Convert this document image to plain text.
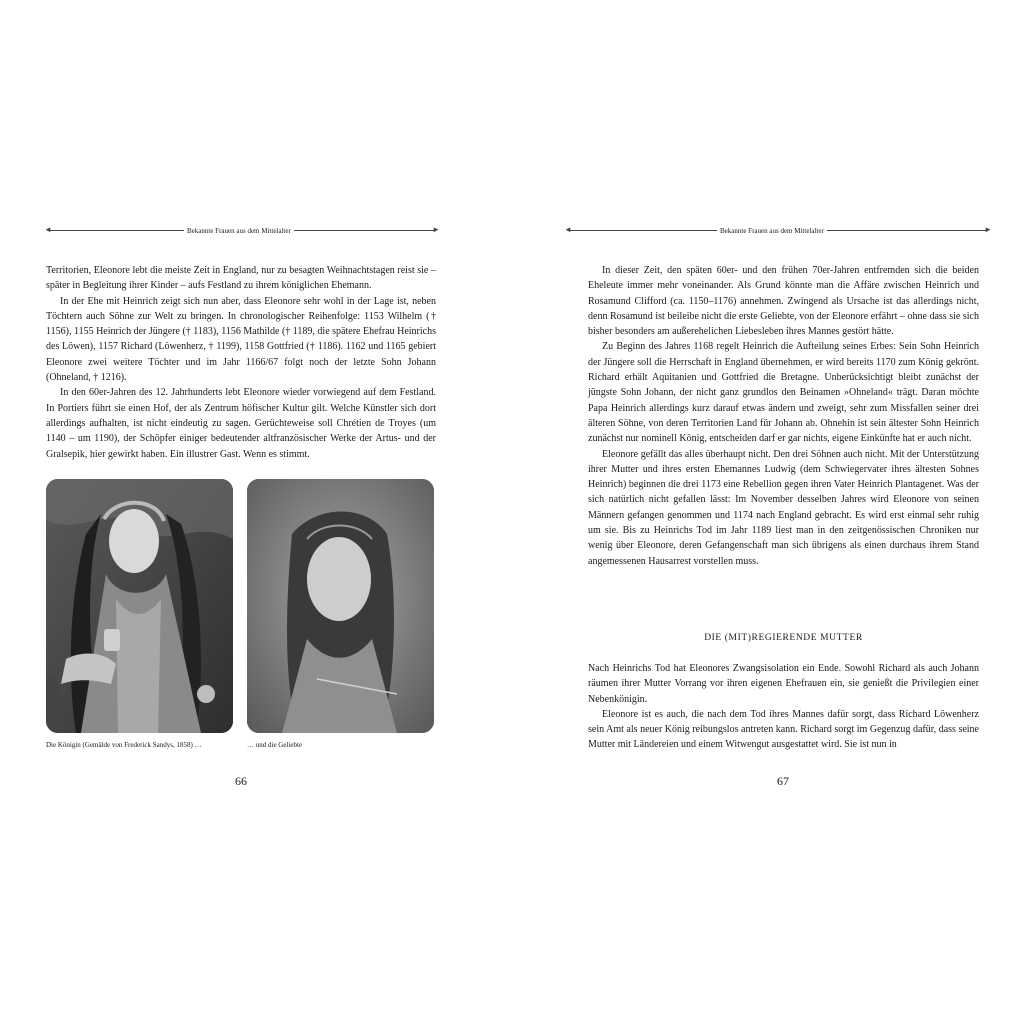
◄	►
Bekannte Frauen aus dem Mittelalter

Territorien, Eleonore lebt die meiste Zeit in England, nur zu besagten Weihnachtstagen reist sie – später in Begleitung ihrer Kinder – aufs Festland zu ihrem königlichen Ehemann.

In der Ehe mit Heinrich zeigt sich nun aber, dass Eleonore sehr wohl in der Lage ist, neben Töchtern auch Söhne zur Welt zu bringen. In chronologischer Reihenfolge: 1153 Wilhelm († 1156), 1155 Heinrich der Jüngere († 1183), 1156 Mathilde († 1189, die spätere Ehefrau Heinrichs des Löwen), 1157 Richard (Löwenherz, † 1199), 1158 Gottfried († 1186). 1162 und 1165 gebiert Eleonore zwei weitere Töchter und im Jahr 1166/67 folgt noch der letzte Sohn Johann (Ohneland, † 1216).

In den 60er-Jahren des 12. Jahrhunderts lebt Eleonore wieder vorwiegend auf dem Festland. In Portiers führt sie einen Hof, der als Zentrum höfischer Kultur gilt. Welche Künstler sich dort allerdings aufhalten, ist nicht eindeutig zu sagen. Gerüchteweise soll Chrétien de Troyes (um 1140 – um 1190), der Schöpfer einiger bedeutender altfranzösischer Werke der Artus- und der Gralsepik, hier gewirkt haben. Ein illustrer Gast. Wenn es stimmt.

Die Königin (Gemälde von Frederick Sandys, 1858) …	… und die Geliebte
66
◄	►
Bekannte Frauen aus dem Mittelalter

In dieser Zeit, den späten 60er- und den frühen 70er-Jahren entfremden sich die beiden Eheleute immer mehr voneinander. Als Grund könnte man die Affäre zwischen Heinrich und Rosamund Clifford (ca. 1150–1176) annehmen. Zwingend als Ursache ist das allerdings nicht, denn Rosamund ist beileibe nicht die erste Geliebte, von der Eleonore erfährt – ohne dass sie sich bisher besonders am außerehelichen Liebesleben ihres Mannes gestört hätte.

Zu Beginn des Jahres 1168 regelt Heinrich die Aufteilung seines Erbes: Sein Sohn Heinrich der Jüngere soll die Herrschaft in England übernehmen, er wird bereits 1170 zum König gekrönt. Richard erhält Aquitanien und Gottfried die Bretagne. Unberücksichtigt bleibt zunächst der jüngste Sohn Johann, der nicht ganz grundlos den Beinamen »Ohneland« trägt. Daran möchte Papa Heinrich allerdings kurz darauf etwas ändern und zweigt, sehr zum Missfallen seiner drei älteren Söhne, von deren Territorien Land für Johann ab. Ohnehin ist sein ältester Sohn Heinrich zunächst nur nominell König, entscheiden darf er gar nichts, eigene Einkünfte hat er auch nicht.

Eleonore gefällt das alles überhaupt nicht. Den drei Söhnen auch nicht. Mit der Unterstützung ihrer Mutter und ihres ersten Ehemannes Ludwig (dem Schwiegervater ihres ältesten Sohnes Heinrich) beginnen die drei 1173 eine Rebellion gegen ihren Vater Heinrich Plantagenet. Was der sich natürlich nicht gefallen lässt: Im November desselben Jahres wird Eleonore von seinen Männern gefangen genommen und 1174 nach England gebracht. Es wird erst einmal sehr ruhig um sie. Bis zu Heinrichs Tod im Jahr 1189 liest man in den zeitgenössischen Chroniken nur wenig über Eleonore, deren Gefangenschaft man sich übrigens als einen durchaus ihrem Stand angemessenen Hausarrest vorstellen muss.

DIE (MIT)REGIERENDE MUTTER

Nach Heinrichs Tod hat Eleonores Zwangsisolation ein Ende. Sowohl Richard als auch Johann räumen ihrer Mutter Vorrang vor ihren eigenen Ehefrauen ein, sie genießt die Privilegien einer Nebenkönigin.

Eleonore ist es auch, die nach dem Tod ihres Mannes dafür sorgt, dass Richard Löwenherz sein Amt als neuer König reibungslos antreten kann. Richard sorgt im Gegenzug dafür, dass seine Mutter mit Ländereien und einem Witwengut ausgestattet wird. Sie ist nun in

67
